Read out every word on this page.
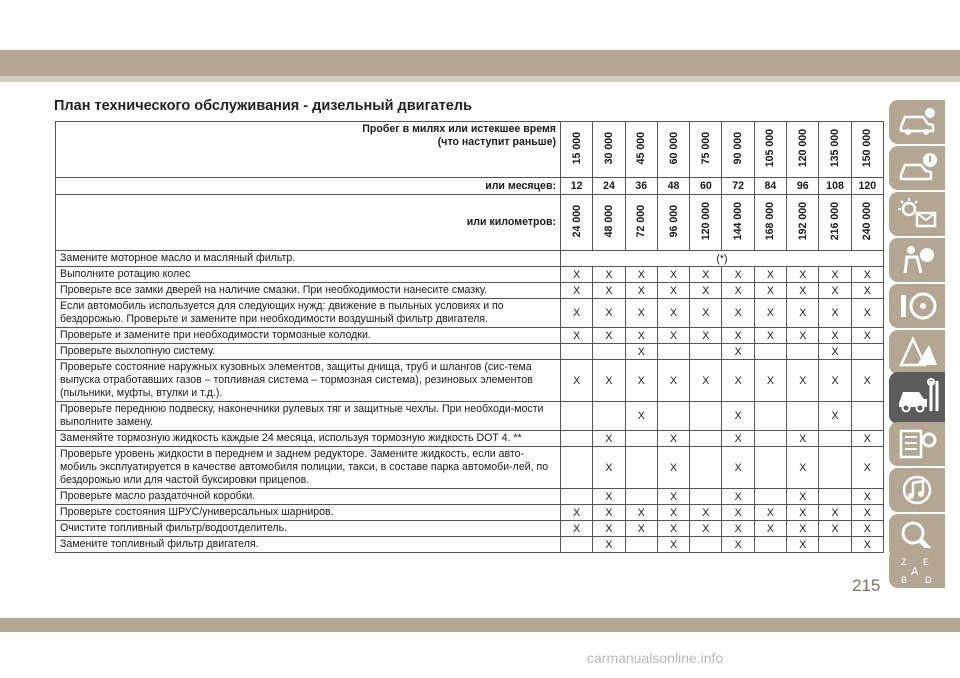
План технического обслуживания - дизельный двигатель
Пробег в милях или истекшее время
(что наступит раньше)	15 000	30 000	45 000	60 000	75 000	90 000	105 000	120 000	135 000	150 000
или месяцев:	12	24	36	48	60	72	84	96	108	120
или километров:	24 000	48 000	72 000	96 000	120 000	144 000	168 000	192 000	216 000	240 000
Замените моторное масло и масляный фильтр.	(*)									
Выполните ротацию колес	X	X	X	X	X	X	X	X	X	X
Проверьте все замки дверей на наличие смазки. При необходимости нанесите смазку.	X	X	X	X	X	X	X	X	X	X
Если автомобиль используется для следующих нужд: движение в пыльных условиях и по бездорожью. Проверьте и замените при необходимости воздушный фильтр двигателя.	X	X	X	X	X	X	X	X	X	X
Проверьте и замените при необходимости тормозные колодки.	X	X	X	X	X	X	X	X	X	X
Проверьте выхлопную систему.			X			X			X	
Проверьте состояние наружных кузовных элементов, защиты днища, труб и шлангов (сис-тема выпуска отработавших газов – топливная система – тормозная система), резиновых элементов (пыльники, муфты, втулки и т.д.).	X	X	X	X	X	X	X	X	X	X
Проверьте переднюю подвеску, наконечники рулевых тяг и защитные чехлы. При необходи-мости выполните замену.			X			X			X	
Заменяйте тормозную жидкость каждые 24 месяца, используя тормозную жидкость DOT 4. **		X		X		X		X		X
Проверьте уровень жидкости в переднем и заднем редукторе. Замените жидкость, если авто-мобиль эксплуатируется в качестве автомобиля полиции, такси, в составе парка автомоби-лей, по бездорожью или для частой буксировки прицепов.		X		X		X		X		X
Проверьте масло раздаточной коробки.		X		X		X		X		X
Проверьте состояния ШРУС/универсальных шарниров.	X	X	X	X	X	X	X	X	X	X
Очистите топливный фильтр/водоотделитель.	X	X	X	X	X	X	X	X	X	X
Замените топливный фильтр двигателя.		X		X		X		X		X
Z E
A
B D
215
carmanualsonline.info
